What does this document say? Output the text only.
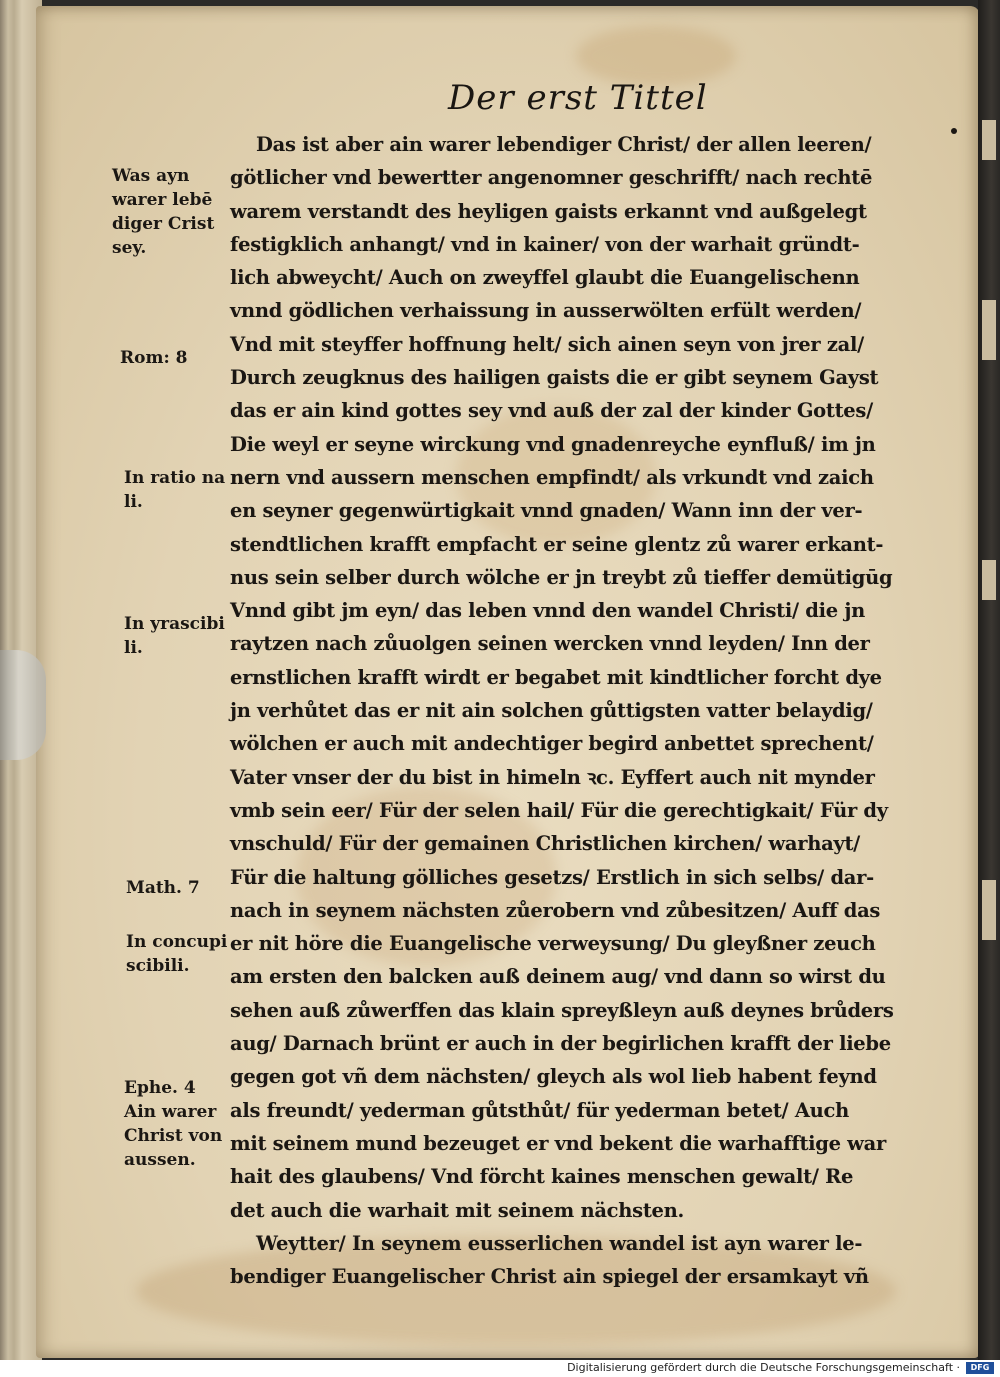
Der erst Tittel
Das ist aber ain warer lebendiger Christ/ der allen leeren/
götlicher vnd bewertter angenomner geschrifft/ nach rechtē
warem verstandt des heyligen gaists erkannt vnd außgelegt
festigklich anhangt/ vnd in kainer/ von der warhait gründt-
lich abweycht/ Auch on zweyffel glaubt die Euangelischenn
vnnd gödlichen verhaissung in ausserwölten erfült werden/
Vnd mit steyffer hoffnung helt/ sich ainen seyn von jrer zal/
Durch zeugknus des hailigen gaists die er gibt seynem Gayst
das er ain kind gottes sey vnd auß der zal der kinder Gottes/
Die weyl er seyne wirckung vnd gnadenreyche eynfluß/ im jn
nern vnd aussern menschen empfindt/ als vrkundt vnd zaich
en seyner gegenwürtigkait vnnd gnaden/ Wann inn der ver-
stendtlichen krafft empfacht er seine glentz zů warer erkant-
nus sein selber durch wölche er jn treybt zů tieffer demütigūg
Vnnd gibt jm eyn/ das leben vnnd den wandel Christi/ die jn
raytzen nach zůuolgen seinen wercken vnnd leyden/ Inn der
ernstlichen krafft wirdt er begabet mit kindtlicher forcht dye
jn verhůtet das er nit ain solchen gůttigsten vatter belaydig/
wölchen er auch mit andechtiger begird anbettet sprechent/
Vater vnser der du bist in himeln ꝛc. Eyffert auch nit mynder
vmb sein eer/ Für der selen hail/ Für die gerechtigkait/ Für dy
vnschuld/ Für der gemainen Christlichen kirchen/ warhayt/
Für die haltung gölliches gesetzs/ Erstlich in sich selbs/ dar-
nach in seynem nächsten zůerobern vnd zůbesitzen/ Auff das
er nit höre die Euangelische verweysung/ Du gleyßner zeuch
am ersten den balcken auß deinem aug/ vnd dann so wirst du
sehen auß zůwerffen das klain spreyßleyn auß deynes brůders
aug/ Darnach brünt er auch in der begirlichen krafft der liebe
gegen got vñ dem nächsten/ gleych als wol lieb habent feynd
als freundt/ yederman gůtsthůt/ für yederman betet/ Auch
mit seinem mund bezeuget er vnd bekent die warhafftige war
hait des glaubens/ Vnd förcht kaines menschen gewalt/ Re
det auch die warhait mit seinem nächsten.
Weytter/ In seynem eusserlichen wandel ist ayn warer le-
bendiger Euangelischer Christ ain spiegel der ersamkayt vñ
Was ayn
warer lebē
diger Crist
sey.
Rom: 8
In ratio na
li.
In yrascibi
li.
Math. 7
In concupi
scibili.
Ephe. 4
Ain warer
Christ von
aussen.
Digitalisierung gefördert durch die Deutsche Forschungsgemeinschaft ·	DFG
